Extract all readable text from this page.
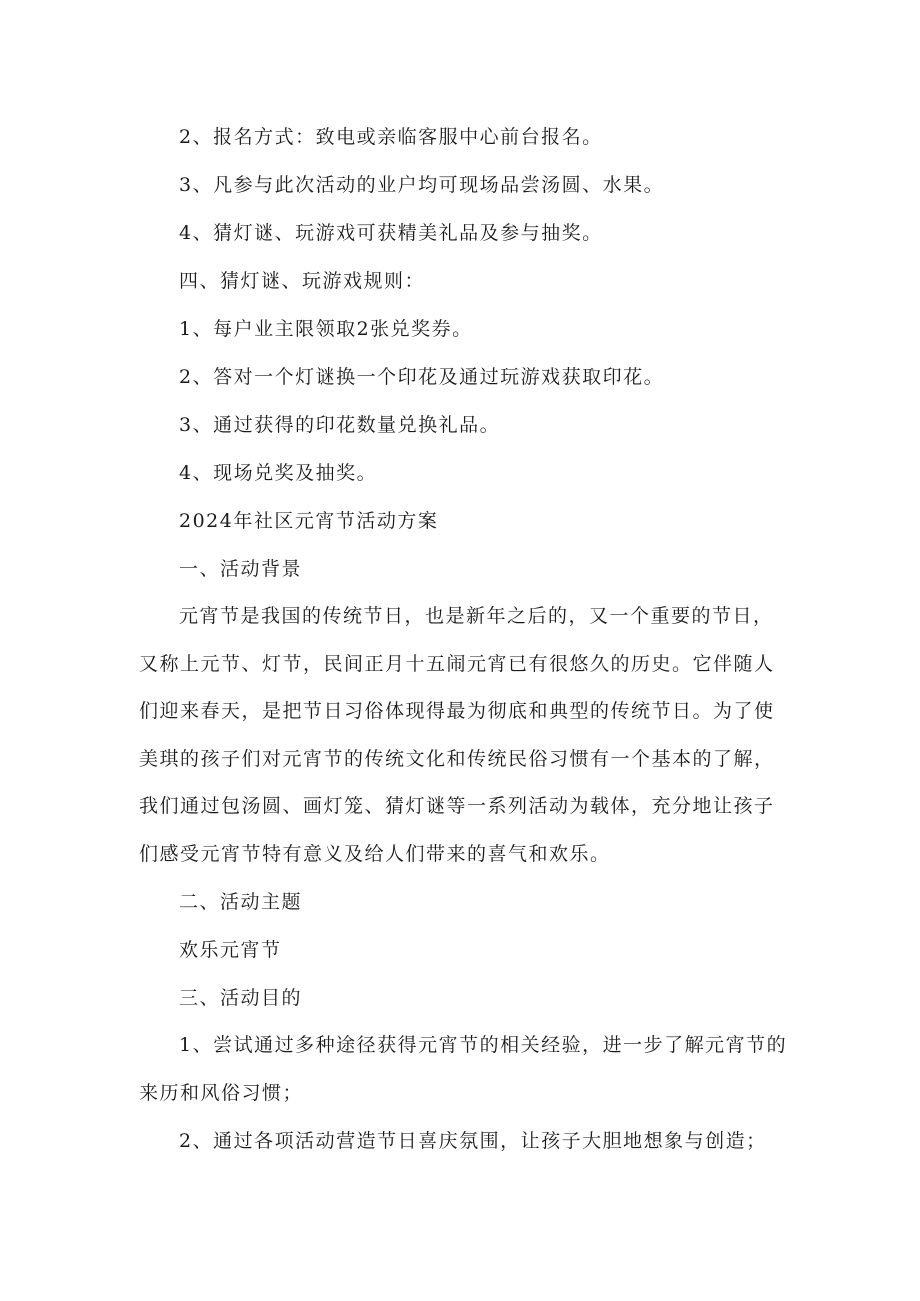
2、报名方式：致电或亲临客服中心前台报名。

3、凡参与此次活动的业户均可现场品尝汤圆、水果。

4、猜灯谜、玩游戏可获精美礼品及参与抽奖。

四、猜灯谜、玩游戏规则：

1、每户业主限领取2张兑奖券。

2、答对一个灯谜换一个印花及通过玩游戏获取印花。

3、通过获得的印花数量兑换礼品。

4、现场兑奖及抽奖。

2024年社区元宵节活动方案

一、活动背景

元宵节是我国的传统节日，也是新年之后的，又一个重要的节日，又称上元节、灯节，民间正月十五闹元宵已有很悠久的历史。它伴随人们迎来春天，是把节日习俗体现得最为彻底和典型的传统节日。为了使美琪的孩子们对元宵节的传统文化和传统民俗习惯有一个基本的了解，我们通过包汤圆、画灯笼、猜灯谜等一系列活动为载体，充分地让孩子们感受元宵节特有意义及给人们带来的喜气和欢乐。

二、活动主题

欢乐元宵节

三、活动目的

1、尝试通过多种途径获得元宵节的相关经验，进一步了解元宵节的来历和风俗习惯；

2、通过各项活动营造节日喜庆氛围，让孩子大胆地想象与创造；
